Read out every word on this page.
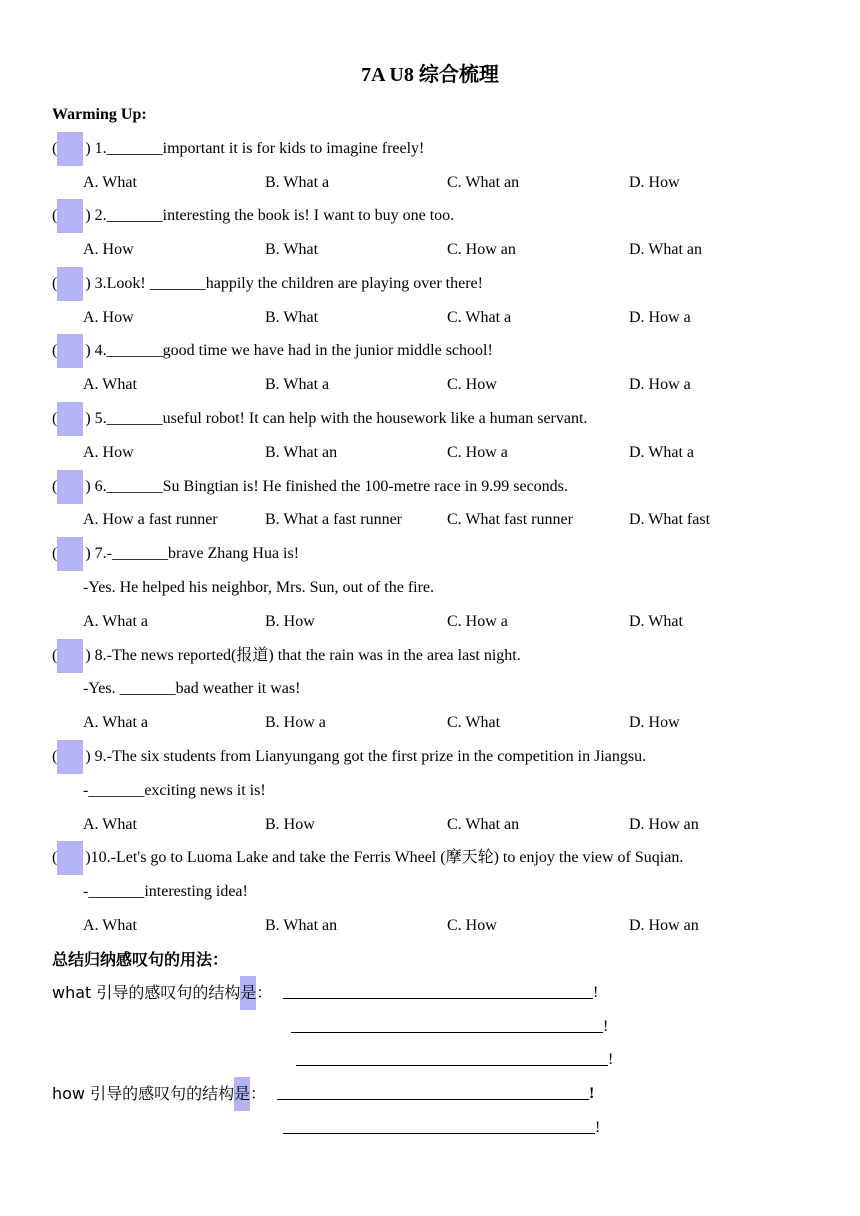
7A U8 综合梳理
Warming Up:
( ) 1._______important it is for kids to imagine freely!
A. What	B. What a	C. What an	D. How
( ) 2._______interesting the book is! I want to buy one too.
A. How	B. What	C. How an	D. What an
( ) 3.Look! _______happily the children are playing over there!
A. How	B. What	C. What a	D. How a
( ) 4._______good time we have had in the junior middle school!
A. What	B. What a	C. How	D. How a
( ) 5._______useful robot! It can help with the housework like a human servant.
A. How	B. What an	C. How a	D. What a
( ) 6._______Su Bingtian is! He finished the 100-metre race in 9.99 seconds.
A. How a fast runner	B. What a fast runner	C. What fast runner	D. What fast
( ) 7.-_______brave Zhang Hua is!
-Yes. He helped his neighbor, Mrs. Sun, out of the fire.
A. What a	B. How	C. How a	D. What
( ) 8.-The news reported(报道) that the rain was in the area last night.
-Yes. _______bad weather it was!
A. What a	B. How a	C. What	D. How
( ) 9.-The six students from Lianyungang got the first prize in the competition in Jiangsu.
-_______exciting news it is!
A. What	B. How	C. What an	D. How an
( )10.-Let's go to Luoma Lake and take the Ferris Wheel (摩天轮) to enjoy the view of Suqian.
-_______interesting idea!
A. What	B. What an	C. How	D. How an
总结归纳感叹句的用法：
what 引导的感叹句的结构是：	!
!
!
how 引导的感叹句的结构是：	!
!
